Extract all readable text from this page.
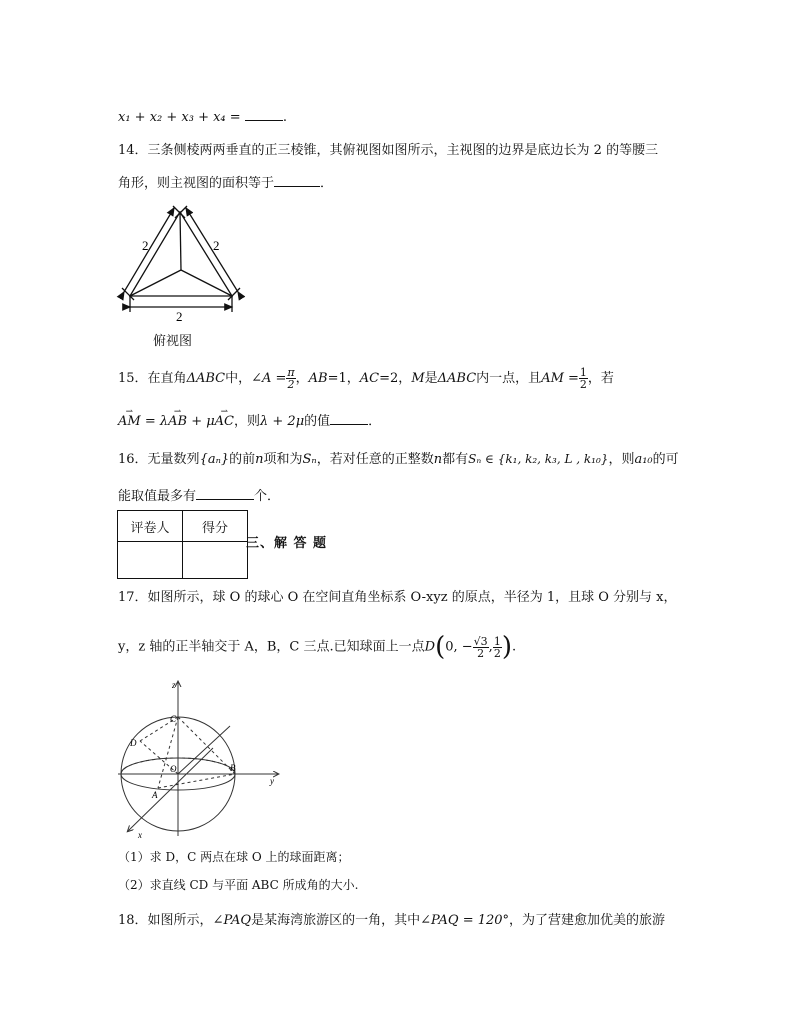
x₁ + x₂ + x₃ + x₄ =	.
14．三条侧棱两两垂直的正三棱锥，其俯视图如图所示，主视图的边界是底边长为 2 的等腰三
角形，则主视图的面积等于	．
2	2
2
俯视图
15．在直角ΔABC中，∠A = $\frac{\pi}{2}$ ，AB=1，AC=2，M是ΔABC内一点，且AM = $\frac{1}{2}$ ，若
⇀ AM = λ⇀ AB + μ⇀ AC，则λ + 2μ的值	．
16．无量数列{aₙ}的前n项和为Sₙ，若对任意的正整数n都有Sₙ ∈ {k₁, k₂, k₃, L , k₁₀}，则a₁₀的可
能取值最多有	个．
评卷人	得分

三、解 答 题
17．如图所示，球 O 的球心 O 在空间直角坐标系 O-xyz 的原点，半径为 1，且球 O 分别与 x，
y，z 轴的正半轴交于 A，B，C 三点.已知球面上一点D(0, − $\frac{√3}{2}$ , $\frac{1}{2}$ ).
z
y
x
C
D
O	B
A
（1）求 D，C 两点在球 O 上的球面距离；
（2）求直线 CD 与平面 ABC 所成角的大小.
18．如图所示，∠PAQ是某海湾旅游区的一角，其中∠PAQ = 120°，为了营建愈加优美的旅游
